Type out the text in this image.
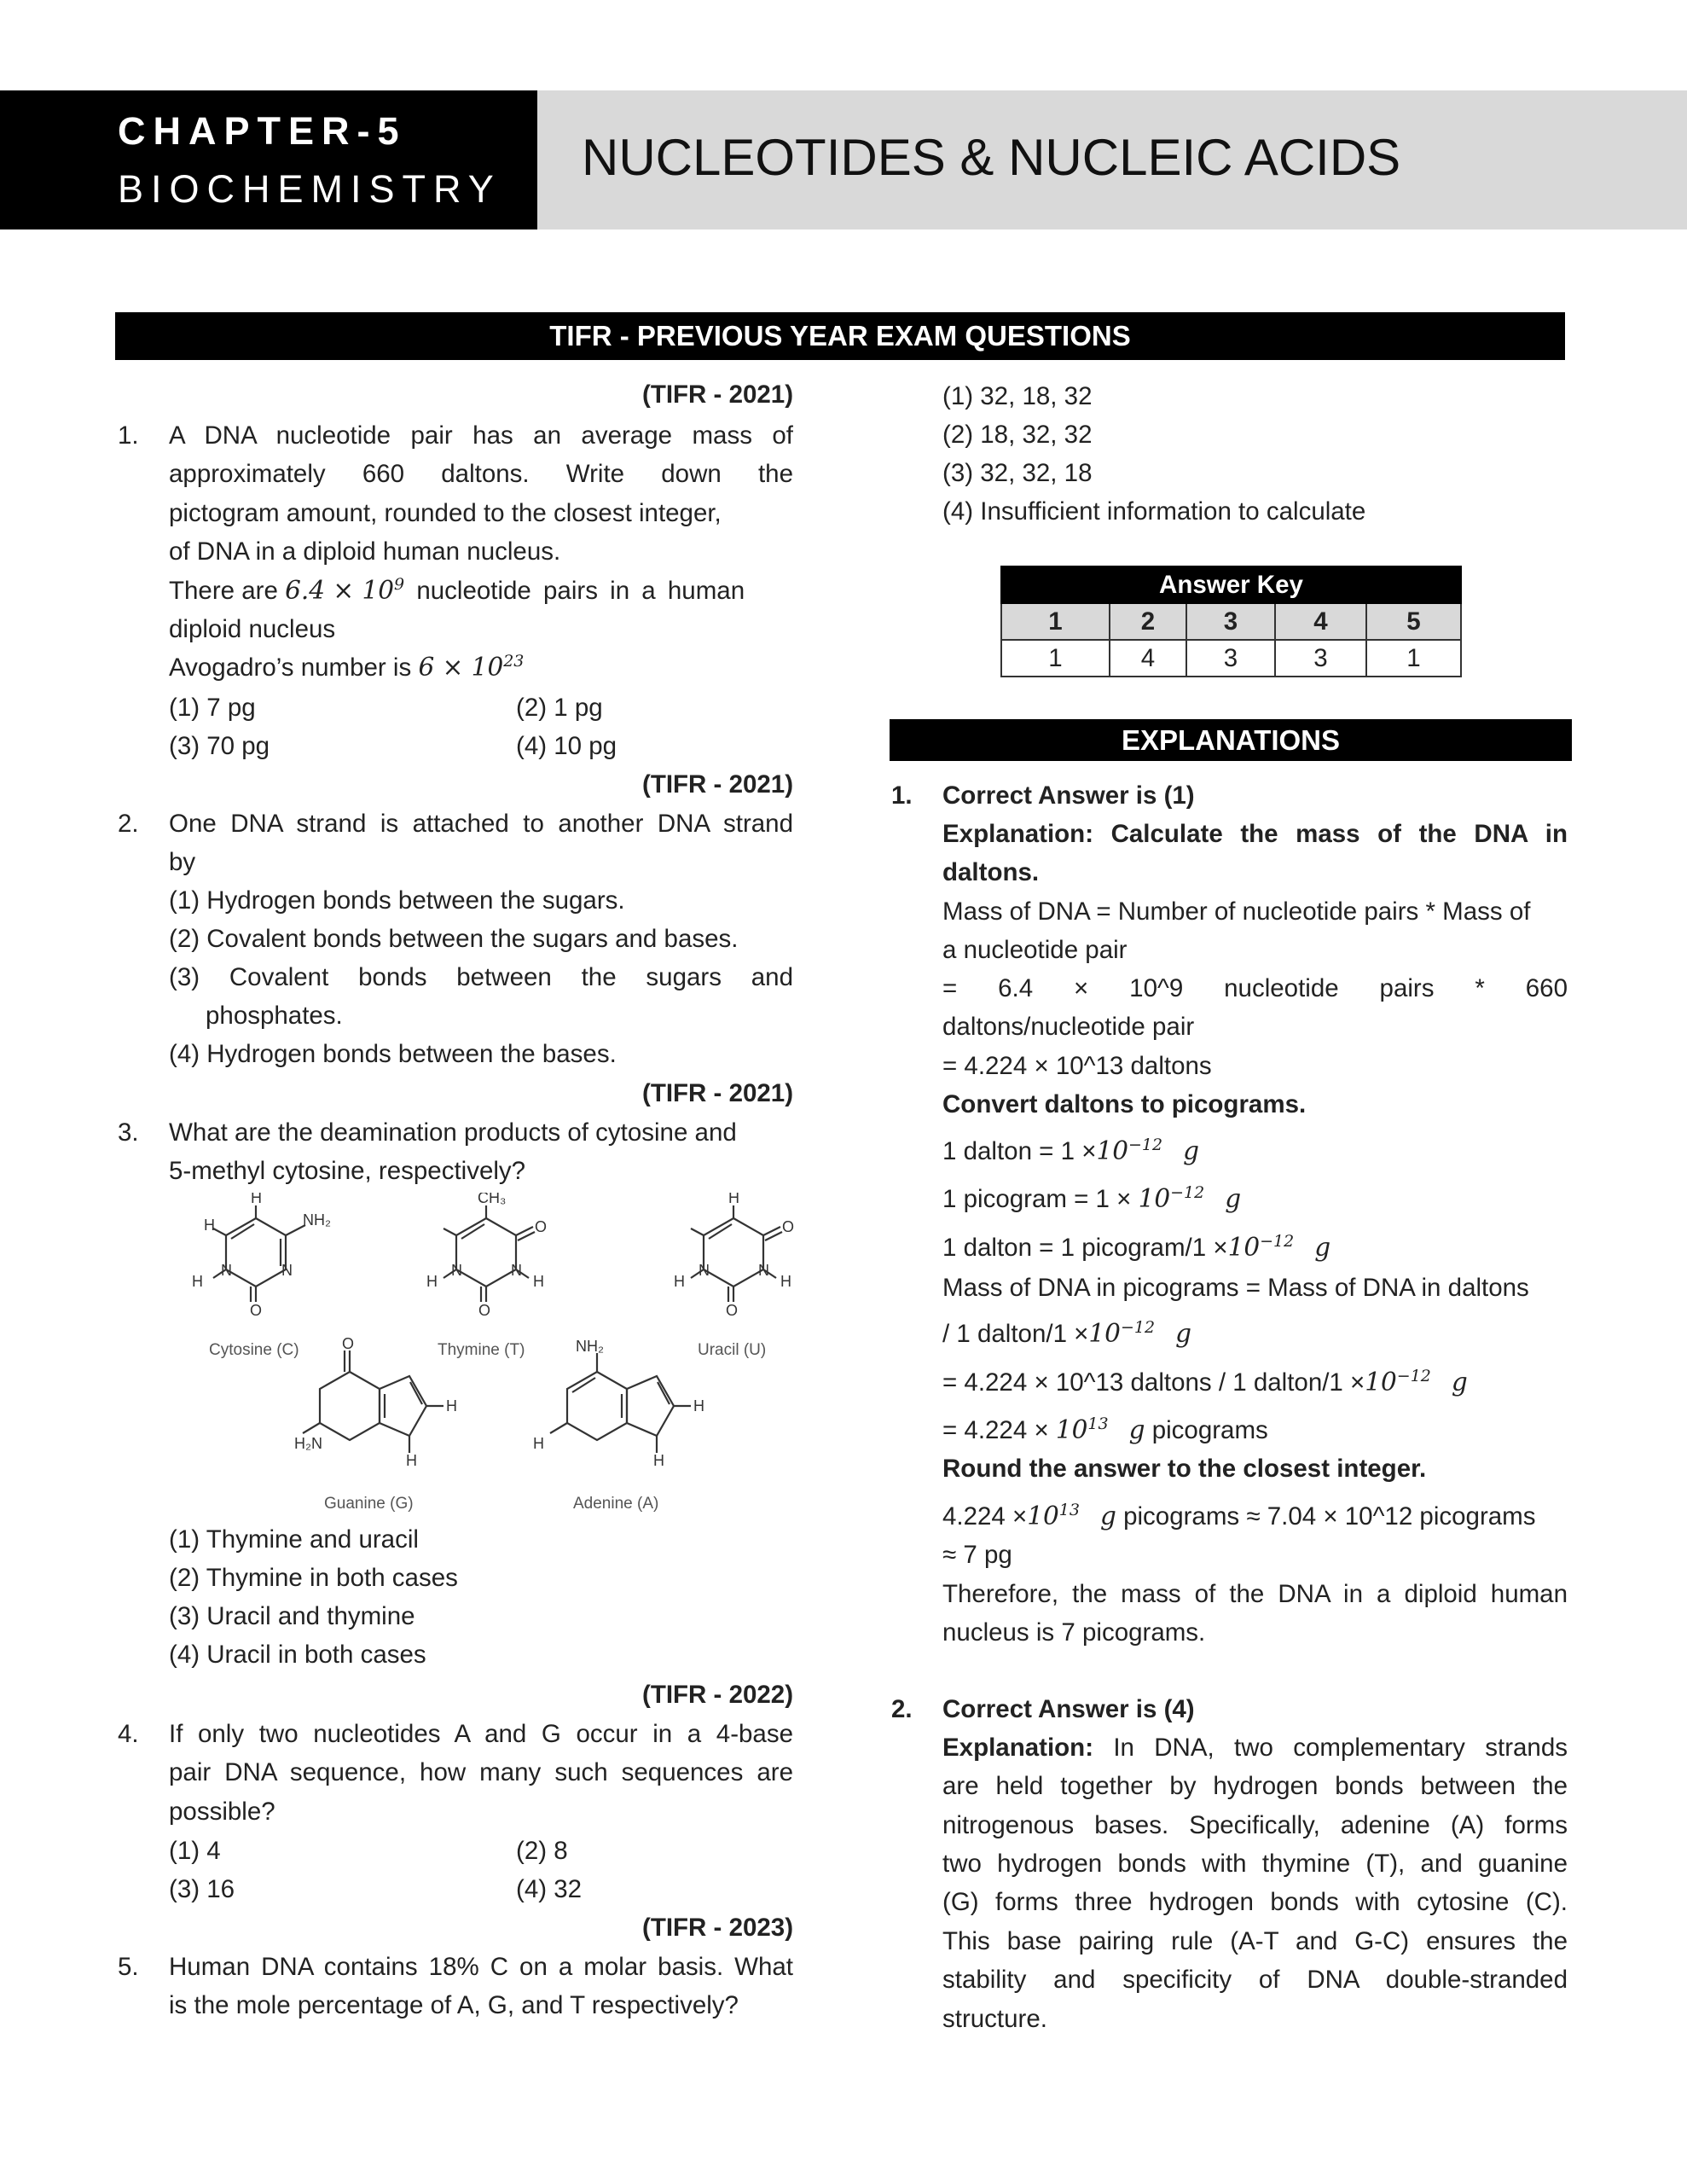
CHAPTER-5
BIOCHEMISTRY
NUCLEOTIDES & NUCLEIC ACIDS
TIFR - PREVIOUS YEAR EXAM QUESTIONS
(TIFR - 2021)
1. A DNA nucleotide pair has an average mass of
approximately 660 daltons. Write down the
pictogram amount, rounded to the closest integer,
of DNA in a diploid human nucleus.
There are $6.4 \times 10^9$ nucleotide pairs in a human
diploid nucleus
Avogadro’s number is $6 \times 10^{23}$
(1) 7 pg	(2) 1 pg
(3) 70 pg	(4) 10 pg
(TIFR - 2021)
2. One DNA strand is attached to another DNA strand
by
(1) Hydrogen bonds between the sugars.
(2) Covalent bonds between the sugars and bases.
(3) Covalent bonds between the sugars and
phosphates.
(4) Hydrogen bonds between the bases.
(TIFR - 2021)
3. What are the deamination products of cytosine and
5-methyl cytosine, respectively?
NH₂
H
H
N	N
O
H
CH₃
O
O
N	N
H	H
O
O
H
N	N
H	H
O
H₂N
H
H
NH₂
H
H
H
Cytosine (C)	Thymine (T)	Uracil (U)
Guanine (G)	Adenine (A)
(1) Thymine and uracil
(2) Thymine in both cases
(3) Uracil and thymine
(4) Uracil in both cases
(TIFR - 2022)
4. If only two nucleotides A and G occur in a 4-base
pair DNA sequence, how many such sequences are
possible?
(1) 4	(2) 8
(3) 16	(4) 32
(TIFR - 2023)
5. Human DNA contains 18% C on a molar basis. What
is the mole percentage of A, G, and T respectively?
(1) 32, 18, 32
(2) 18, 32, 32
(3) 32, 32, 18
(4) Insufficient information to calculate
Answer Key				
1	2	3	4	5
1	4	3	3	1
EXPLANATIONS
1. Correct Answer is (1)
Explanation: Calculate the mass of the DNA in
daltons.
Mass of DNA = Number of nucleotide pairs * Mass of
a nucleotide pair
= 6.4 × 10^9 nucleotide pairs * 660
daltons/nucleotide pair
= 4.224 × 10^13 daltons
Convert daltons to picograms.
1 dalton = $1 \times 10^{-12}$ g
1 picogram = $1 \times 10^{-12}$ g
1 dalton = 1 picogram/1 $\times 10^{-12}$ g
Mass of DNA in picograms = Mass of DNA in daltons
/ 1 dalton/1 $\times 10^{-12}$ g
= 4.224 × 10^13 daltons / 1 dalton/1 $\times 10^{-12}$ g
= $4.224 \times 10^{13}$ g picograms
Round the answer to the closest integer.
$4.224 \times 10^{13}$ g picograms ≈ 7.04 × 10^12 picograms
≈ 7 pg
Therefore, the mass of the DNA in a diploid human
nucleus is 7 picograms.
2. Correct Answer is (4)
Explanation: In DNA, two complementary strands
are held together by hydrogen bonds between the
nitrogenous bases. Specifically, adenine (A) forms
two hydrogen bonds with thymine (T), and guanine
(G) forms three hydrogen bonds with cytosine (C).
This base pairing rule (A-T and G-C) ensures the
stability and specificity of DNA double-stranded
structure.
